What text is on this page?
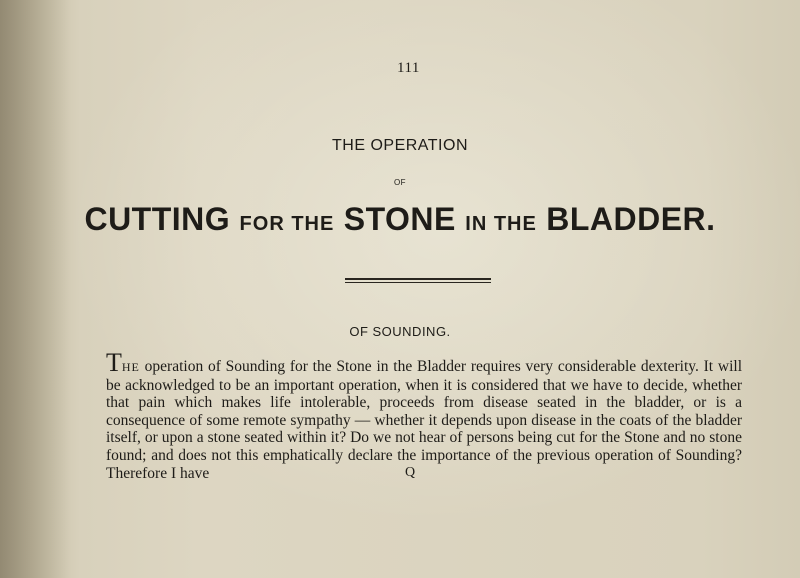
111
THE OPERATION
OF
CUTTING FOR THE STONE IN THE BLADDER.
OF SOUNDING.
THE operation of Sounding for the Stone in the Bladder requires very considerable dexterity. It will be acknowledged to be an important operation, when it is considered that we have to decide, whether that pain which makes life intolerable, proceeds from disease seated in the bladder, or is a consequence of some remote sympathy — whether it depends upon disease in the coats of the bladder itself, or upon a stone seated within it? Do we not hear of persons being cut for the Stone and no stone found; and does not this emphatically declare the importance of the previous operation of Sounding? Therefore I have	Q
